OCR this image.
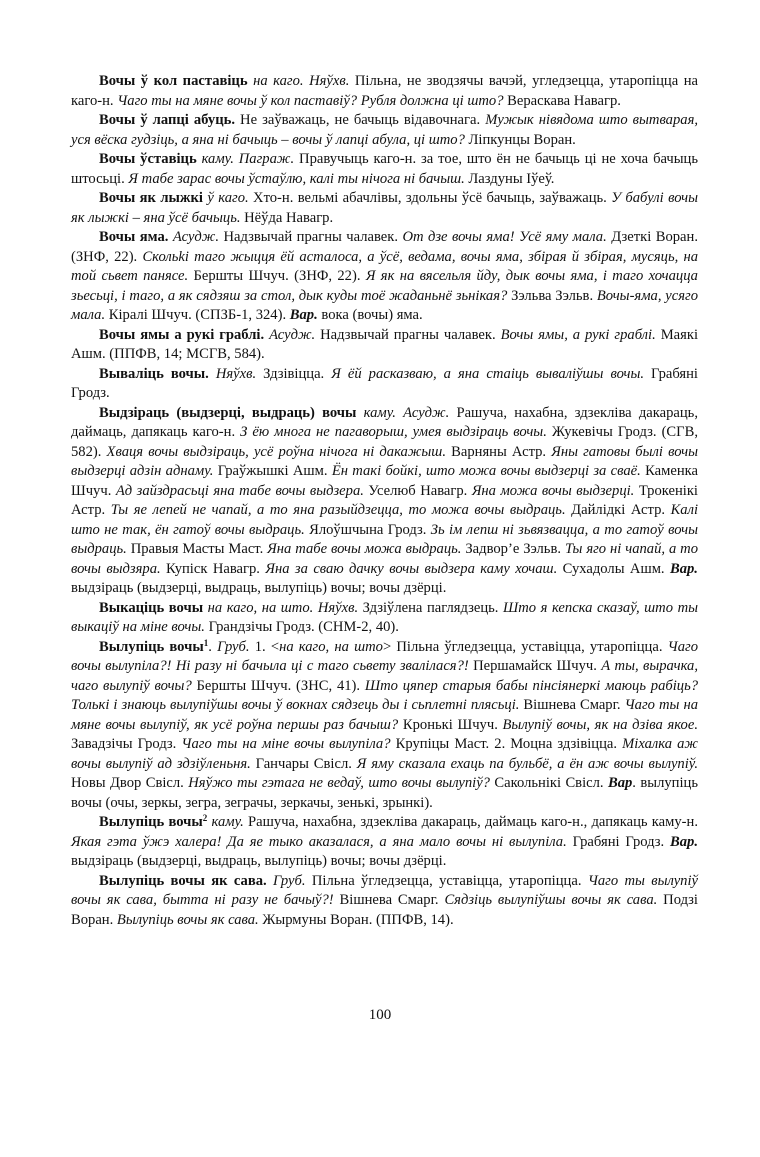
Вочы ў кол паставіць на каго. Няўхв. Пільна, не зводзячы вачэй, угледзецца, утаропіцца на каго-н. Чаго ты на мяне вочы ў кол паставіў? Рубля должна ці што? Вераскава Навагр.

Вочы ў лапці абуць. Не заўважаць, не бачыць відавочнага. Мужык нівядома што вытварая, уся вёска гудзіць, а яна ні бачыць – вочы ў лапці абула, ці што? Ліпкунцы Воран.

Вочы ўставіць каму. Паграж. Правучыць каго-н. за тое, што ён не бачыць ці не хоча бачыць штосьці. Я табе зарас вочы ўстаўлю, калі ты нічога ні бачыш. Лаздуны Іўеў.

Вочы як лыжкі ў каго. Хто-н. вельмі абачлівы, здольны ўсё бачыць, заўважаць. У бабулі вочы як лыжкі – яна ўсё бачыць. Нёўда Навагр.

Вочы яма. Асудж. Надзвычай прагны чалавек. От дзе вочы яма! Усё яму мала. Дзеткі Воран. (ЗНФ, 22). Скольki таго жыцця ёй асталоса, а ўсё, ведама, вочы яма, збірая й збірая, мусяць, на той сьвет панясе. Бершты Шчуч. (ЗНФ, 22). Я як на вясельля йду, дык вочы яма, і таго хочацца зьесьці, і таго, а як сядзяш за стол, дык куды тоё жаданьнё зьнікая? Зэльва Зэльв. Вочы-яма, усяго мала. Кіралі Шчуч. (СПЗБ-1, 324). Вар. вока (вочы) яма.

Вочы ямы а рукі граблі. Асудж. Надзвычай прагны чалавек. Вочы ямы, а рукі граблі. Маякі Ашм. (ППФВ, 14; МСГВ, 584).

Вываліць вочы. Няўхв. Здзівіцца. Я ёй расказваю, а яна стаіць вываліўшы вочы. Грабяні Гродз.

Выдзіраць (выдзерці, выдраць) вочы каму. Асудж. Рашуча, нахабна, здзекліва дакараць, даймаць, дапякаць каго-н. З ёю многа не пагаворыш, умея выдзіраць вочы. Жукевічы Гродз. (СГВ, 582). Хваця вочы выдзіраць, усё роўна нічога ні дакажыш. Варняны Астр. Яны гатовы былі вочы выдзерці адзін аднаму. Граўжышкі Ашм. Ён такі бойкі, што можа вочы выдзерці за сваё. Каменка Шчуч. Ад зайздрасьці яна табе вочы выдзера. Уселюб Навагр. Яна можа вочы выдзерці. Трокенікі Астр. Ты яе лепей не чапай, а то яна разыйдзецца, то можа вочы выдраць. Дайлідкі Астр. Калі што не так, ён гатоў вочы выдраць. Ялоўшчына Гродз. Зь ім лепш ні зьвязвацца, а то гатоў вочы выдраць. Правыя Масты Маст. Яна табе вочы можа выдраць. Задвор’е Зэльв. Ты яго ні чапай, а то вочы выдзяра. Купіск Навагр. Яна за сваю дачку вочы выдзера каму хочаш. Сухадолы Ашм. Вар. выдзіраць (выдзерці, выдраць, вылупіць) вочы; вочы дзёрці.

Выкаціць вочы на каго, на што. Няўхв. Здзіўлена паглядзець. Што я кепска сказаў, што ты выкаціў на міне вочы. Грандзічы Гродз. (СНМ-2, 40).

Вылупіць вочы$^1$. Груб. 1. <на каго, на што> Пільна ўгледзецца, уставіцца, утаропіцца. Чаго вочы вылупіла?! Ні разу ні бачыла ці с таго сьвету звалілася?! Першамайск Шчуч. А ты, вырачка, чаго вылупіў вочы? Бершты Шчуч. (ЗНС, 41). Што цяпер старыя бабы пінсіянеркі маюць рабіць? Толькі і знаюць вылупіўшы вочы ў вокнах сядзець ды і сьплетні плясьці. Вішнева Смарг. Чаго ты на мяне вочы вылупіў, як усё роўна першы раз бачыш? Кронькі Шчуч. Вылупіў вочы, як на дзіва якое. Завадзічы Гродз. Чаго ты на міне вочы вылупіла? Крупіцы Маст. 2. Моцна здзівіцца. Міхалка аж вочы вылупіў ад здзіўленьня. Ганчары Свісл. Я яму сказала ехаць па бульбё, а ён аж вочы вылупіў. Новы Двор Свісл. Няўжо ты гэтага не ведаў, што вочы вылупіў? Сакольнікі Свісл. Вар. вылупіць вочы (очы, зеркы, зегра, зеграчы, зеркачы, зенькі, зрынкі).

Вылупіць вочы$^2$ каму. Рашуча, нахабна, здзекліва дакараць, даймаць каго-н., дапякаць каму-н. Якая гэта ўжэ халера! Да яе тыко аказалася, а яна мало вочы ні вылупіла. Грабяні Гродз. Вар. выдзіраць (выдзерці, выдраць, вылупіць) вочы; вочы дзёрці.

Вылупіць вочы як сава. Груб. Пільна ўгледзецца, уставіцца, утаропіцца. Чаго ты вылупіў вочы як сава, бытта ні разу не бачыў?! Вішнева Смарг. Сядзіць вылупіўшы вочы як сава. Подзі Воран. Вылупіць вочы як сава. Жырмуны Воран. (ППФВ, 14).

100
